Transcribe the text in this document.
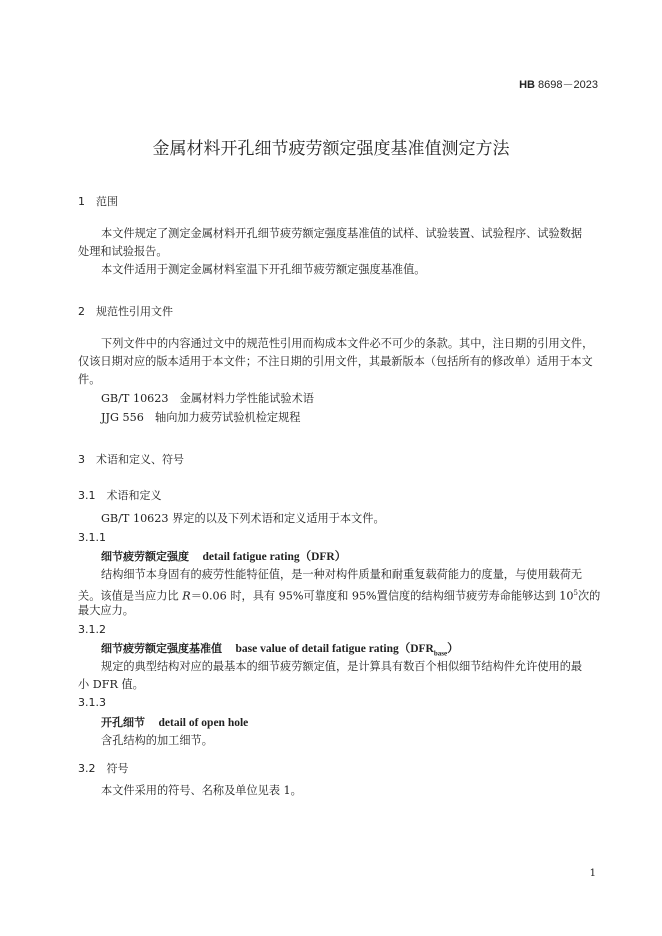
HB 8698－2023
金属材料开孔细节疲劳额定强度基准值测定方法
1　范围
本文件规定了测定金属材料开孔细节疲劳额定强度基准值的试样、试验装置、试验程序、试验数据
处理和试验报告。
本文件适用于测定金属材料室温下开孔细节疲劳额定强度基准值。
2　规范性引用文件
下列文件中的内容通过文中的规范性引用而构成本文件必不可少的条款。其中，注日期的引用文件，
仅该日期对应的版本适用于本文件；不注日期的引用文件，其最新版本（包括所有的修改单）适用于本文
件。
GB/T 10623　金属材料力学性能试验术语
JJG 556　轴向加力疲劳试验机检定规程
3　术语和定义、符号
3.1　术语和定义
GB/T 10623 界定的以及下列术语和定义适用于本文件。
3.1.1
细节疲劳额定强度 detail fatigue rating（DFR）
结构细节本身固有的疲劳性能特征值，是一种对构件质量和耐重复载荷能力的度量，与使用载荷无
关。该值是当应力比 R＝0.06 时，具有 95%可靠度和 95%置信度的结构细节疲劳寿命能够达到 $10^5$次的
最大应力。
3.1.2
细节疲劳额定强度基准值 base value of detail fatigue $rating(DFR_{base})$
规定的典型结构对应的最基本的细节疲劳额定值，是计算具有数百个相似细节结构件允许使用的最
小 DFR 值。
3.1.3
开孔细节 detail of open hole
含孔结构的加工细节。
3.2　符号
本文件采用的符号、名称及单位见表 1。
1
